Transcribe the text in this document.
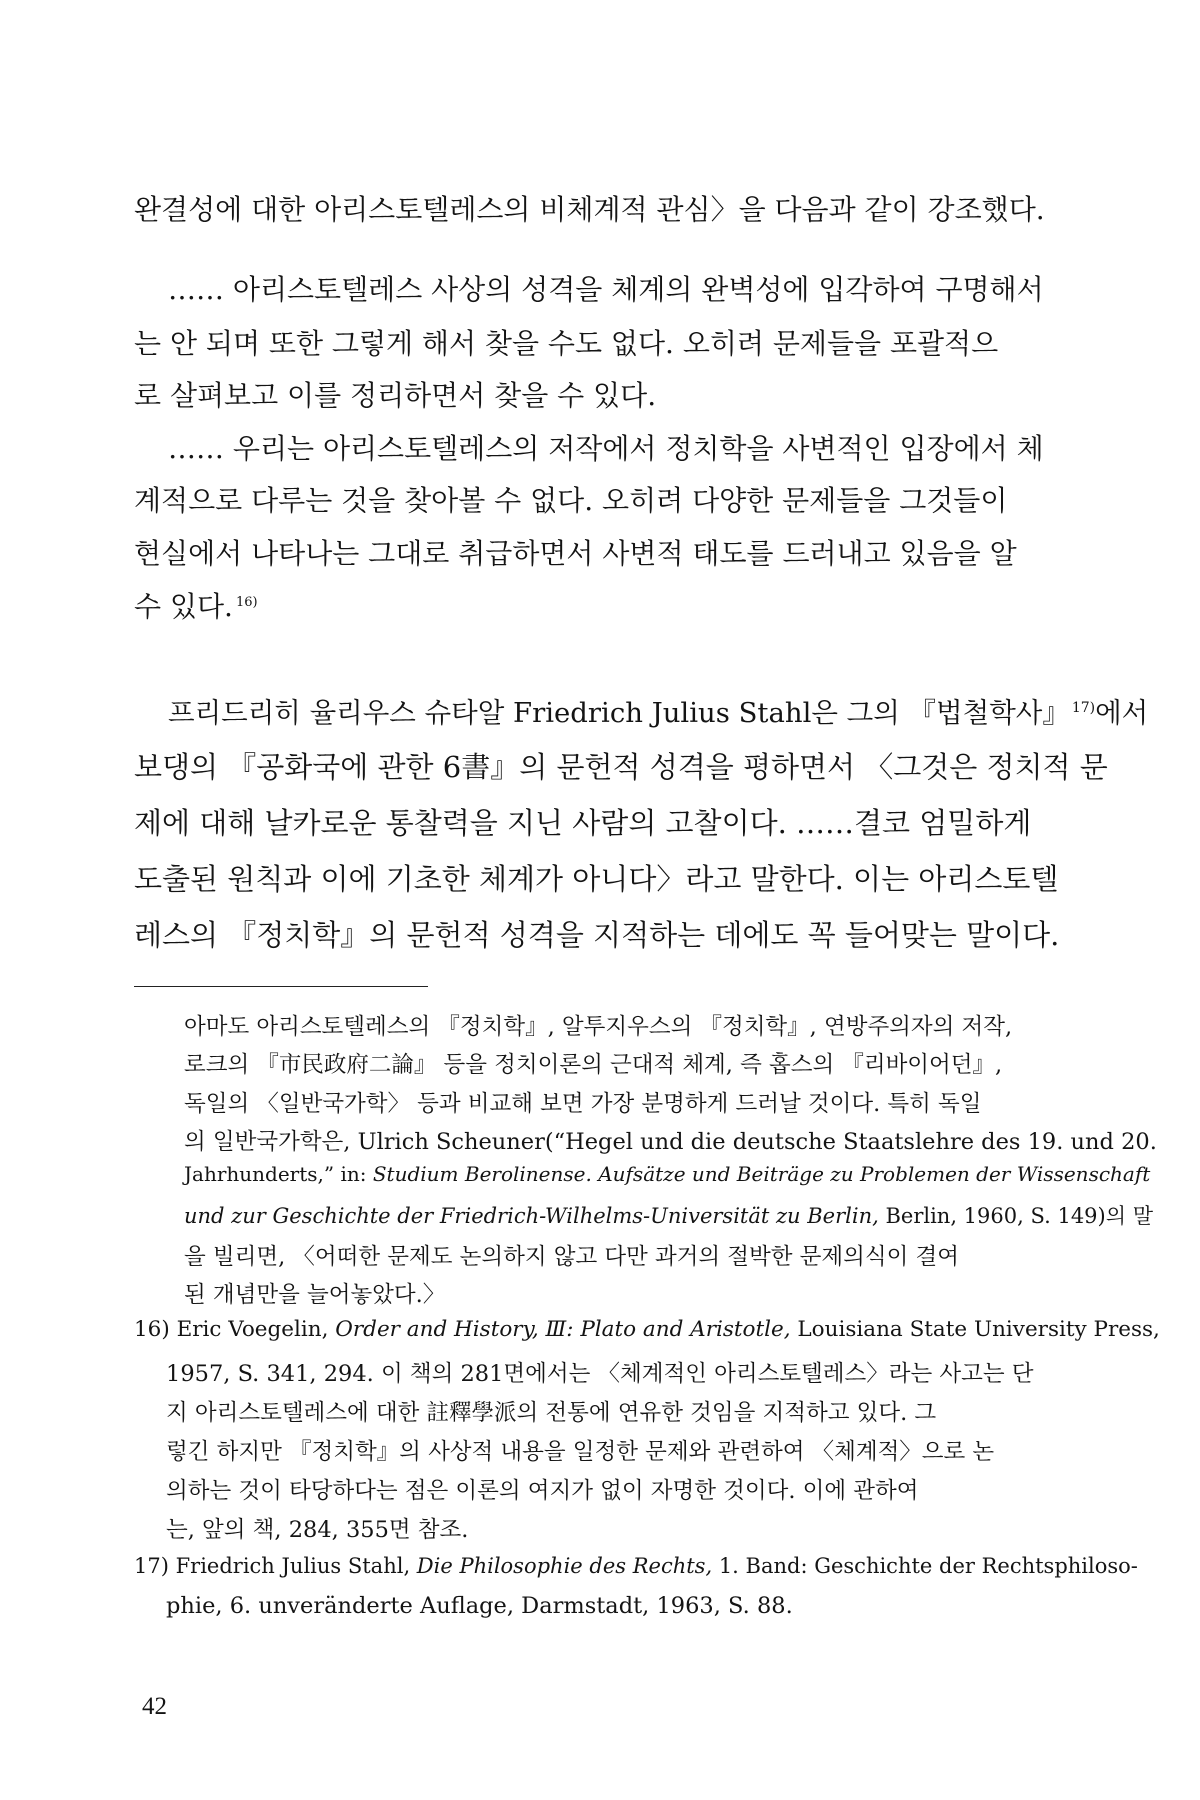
완결성에 대한 아리스토텔레스의 비체계적 관심〉을 다음과 같이 강조했다.
…… 아리스토텔레스 사상의 성격을 체계의 완벽성에 입각하여 구명해서
는 안 되며 또한 그렇게 해서 찾을 수도 없다. 오히려 문제들을 포괄적으
로 살펴보고 이를 정리하면서 찾을 수 있다.
…… 우리는 아리스토텔레스의 저작에서 정치학을 사변적인 입장에서 체
계적으로 다루는 것을 찾아볼 수 없다. 오히려 다양한 문제들을 그것들이
현실에서 나타나는 그대로 취급하면서 사변적 태도를 드러내고 있음을 알
수 있다. $^{16)}$
프리드리히 율리우스 슈타알 Friedrich Julius Stahl은 그의 『법철학사』 $^{17)}$에서
보댕의 『공화국에 관한 6書』의 문헌적 성격을 평하면서 〈그것은 정치적 문
제에 대해 날카로운 통찰력을 지닌 사람의 고찰이다. ……결코 엄밀하게
도출된 원칙과 이에 기초한 체계가 아니다〉라고 말한다. 이는 아리스토텔
레스의 『정치학』의 문헌적 성격을 지적하는 데에도 꼭 들어맞는 말이다.
아마도 아리스토텔레스의 『정치학』, 알투지우스의 『정치학』, 연방주의자의 저작,
로크의 『市民政府二論』 등을 정치이론의 근대적 체계, 즉 홉스의 『리바이어던』,
독일의 〈일반국가학〉 등과 비교해 보면 가장 분명하게 드러날 것이다. 특히 독일
의 일반국가학은, Ulrich Scheuner(“Hegel und die deutsche Staatslehre des 19. und 20.
Jahrhunderts,” in: Studium Berolinense. Aufsätze und Beiträge zu Problemen der Wissenschaft
und zur Geschichte der Friedrich-Wilhelms-Universität zu Berlin, Berlin, 1960, S. 149)의 말
을 빌리면, 〈어떠한 문제도 논의하지 않고 다만 과거의 절박한 문제의식이 결여
된 개념만을 늘어놓았다.〉
16) Eric Voegelin, Order and History, Ⅲ: Plato and Aristotle, Louisiana State University Press,
1957, S. 341, 294. 이 책의 281면에서는 〈체계적인 아리스토텔레스〉라는 사고는 단
지 아리스토텔레스에 대한 註釋學派의 전통에 연유한 것임을 지적하고 있다. 그
렇긴 하지만 『정치학』의 사상적 내용을 일정한 문제와 관련하여 〈체계적〉으로 논
의하는 것이 타당하다는 점은 이론의 여지가 없이 자명한 것이다. 이에 관하여
는, 앞의 책, 284, 355면 참조.
17) Friedrich Julius Stahl, Die Philosophie des Rechts, 1. Band: Geschichte der Rechtsphiloso-
phie, 6. unveränderte Auflage, Darmstadt, 1963, S. 88.
42
